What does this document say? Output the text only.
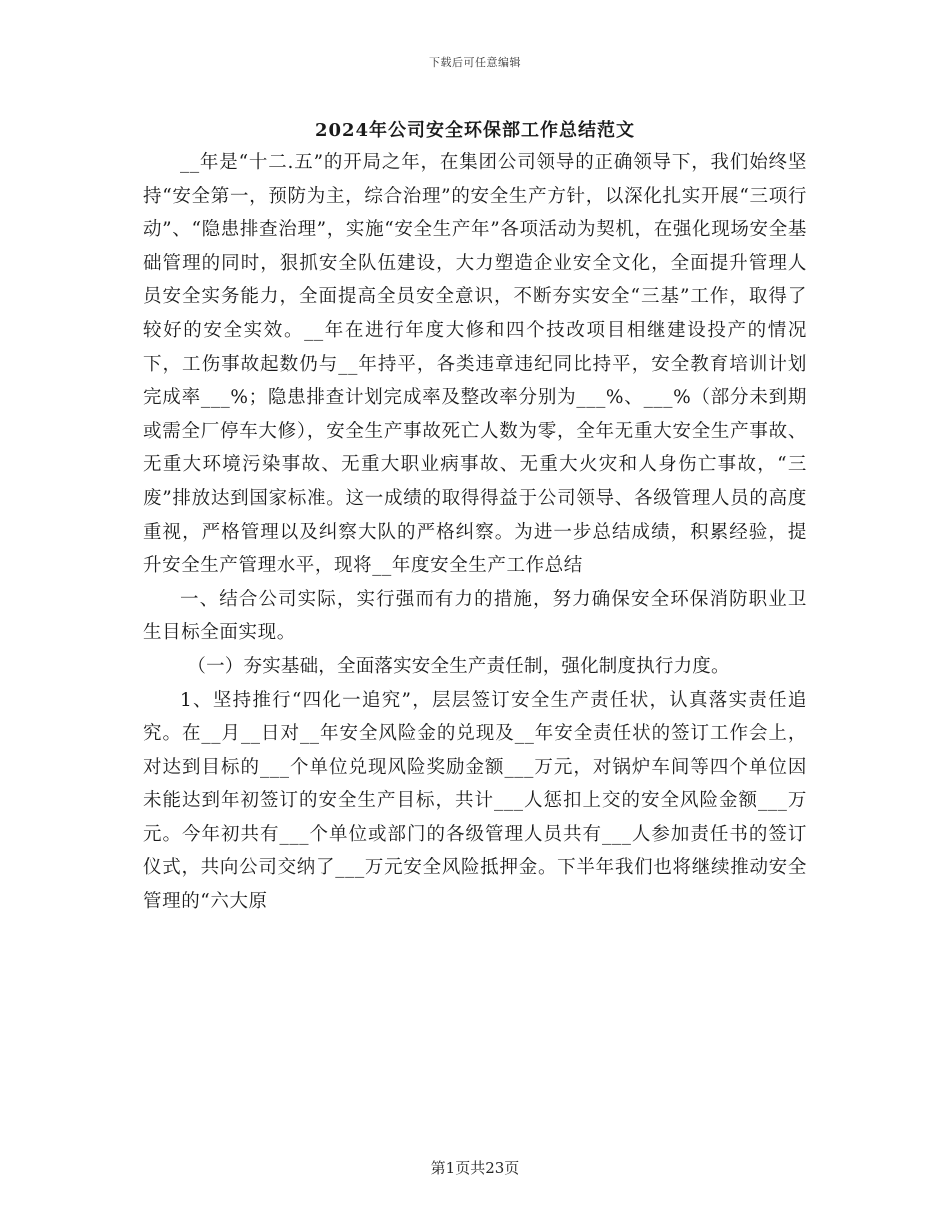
下载后可任意编辑
2024年公司安全环保部工作总结范文

__年是“十二.五”的开局之年，在集团公司领导的正确领导下，我们始终坚持“安全第一，预防为主，综合治理”的安全生产方针，以深化扎实开展“三项行动”、“隐患排查治理”，实施“安全生产年”各项活动为契机，在强化现场安全基础管理的同时，狠抓安全队伍建设，大力塑造企业安全文化，全面提升管理人员安全实务能力，全面提高全员安全意识，不断夯实安全“三基”工作，取得了较好的安全实效。__年在进行年度大修和四个技改项目相继建设投产的情况下，工伤事故起数仍与__年持平，各类违章违纪同比持平，安全教育培训计划完成率___%；隐患排查计划完成率及整改率分别为___%、___%（部分未到期或需全厂停车大修），安全生产事故死亡人数为零，全年无重大安全生产事故、无重大环境污染事故、无重大职业病事故、无重大火灾和人身伤亡事故，“三废”排放达到国家标准。这一成绩的取得得益于公司领导、各级管理人员的高度重视，严格管理以及纠察大队的严格纠察。为进一步总结成绩，积累经验，提升安全生产管理水平，现将__年度安全生产工作总结

一、结合公司实际，实行强而有力的措施，努力确保安全环保消防职业卫生目标全面实现。

（一）夯实基础，全面落实安全生产责任制，强化制度执行力度。

1、坚持推行“四化一追究”，层层签订安全生产责任状，认真落实责任追究。在__月__日对__年安全风险金的兑现及__年安全责任状的签订工作会上，对达到目标的___个单位兑现风险奖励金额___万元，对锅炉车间等四个单位因未能达到年初签订的安全生产目标，共计___人惩扣上交的安全风险金额___万元。今年初共有___个单位或部门的各级管理人员共有___人参加责任书的签订仪式，共向公司交纳了___万元安全风险抵押金。下半年我们也将继续推动安全管理的“六大原

第1页共23页
